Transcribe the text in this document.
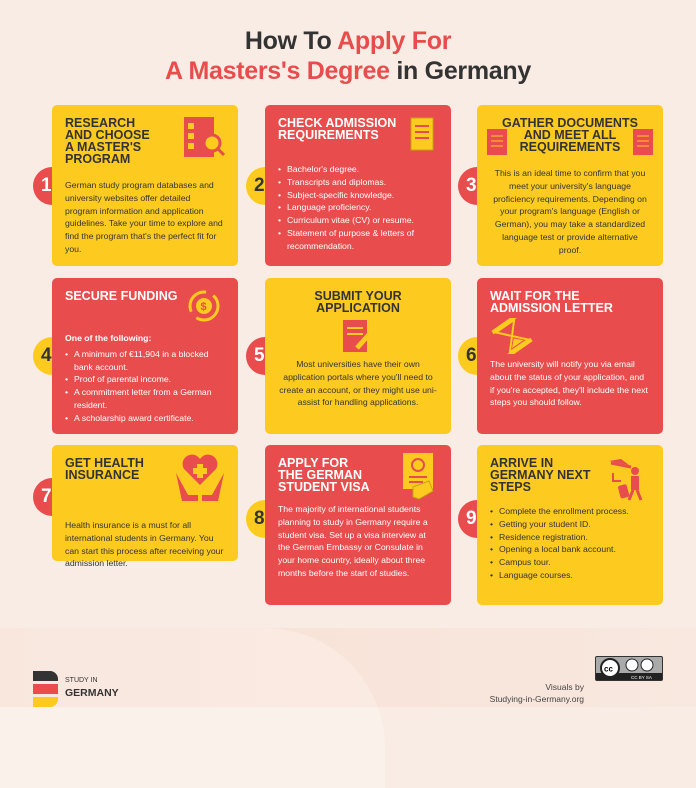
How To Apply For
A Masters's Degree in Germany
1
RESEARCH
AND CHOOSE
A MASTER'S
PROGRAM

German study program databases and university websites offer detailed program information and application guidelines. Take your time to explore and find the program that's the perfect fit for you.

2
CHECK ADMISSION
REQUIREMENTS
• Bachelor's degree.
• Transcripts and diplomas.
• Subject-specific knowledge.
• Language proficiency.
• Curriculum vitae (CV) or resume.
• Statement of purpose & letters of recommendation.
3
GATHER DOCUMENTS
AND MEET ALL
REQUIREMENTS

This is an ideal time to confirm that you meet your university's language proficiency requirements. Depending on your program's language (English or German), you may take a standardized language test or provide alternative proof.

4
SECURE FUNDING
$
One of the following:
• A minimum of €11,904 in a blocked bank account.
• Proof of parental income.
• A commitment letter from a German resident.
• A scholarship award certificate.
5
SUBMIT YOUR
APPLICATION

Most universities have their own application portals where you'll need to create an account, or they might use uni-assist for handling applications.

6
WAIT FOR THE
ADMISSION LETTER

The university will notify you via email about the status of your application, and if you're accepted, they'll include the next steps you should follow.

7
GET HEALTH
INSURANCE

Health insurance is a must for all international students in Germany. You can start this process after receiving your admission letter.

8
APPLY FOR
THE GERMAN
STUDENT VISA

The majority of international students planning to study in Germany require a student visa. Set up a visa interview at the German Embassy or Consulate in your home country, ideally about three months before the start of studies.

9
ARRIVE IN
GERMANY NEXT
STEPS
• Complete the enrollment process.
• Getting your student ID.
• Residence registration.
• Opening a local bank account.
• Campus tour.
• Language courses.
STUDY IN
GERMANY	Visuals by
Studying-in-Germany.org
cc
CC BY SA
